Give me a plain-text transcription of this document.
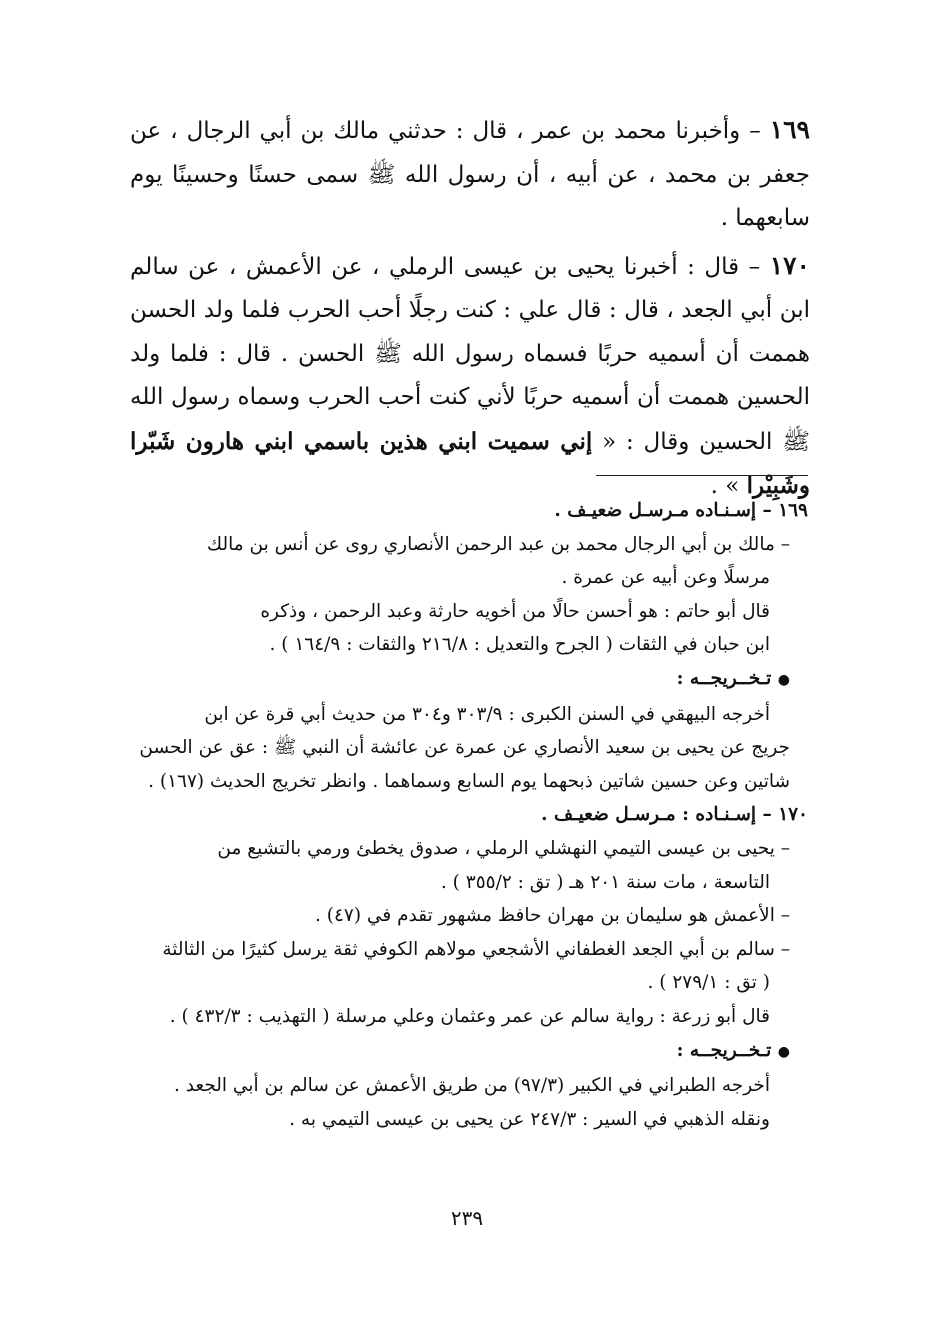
١٦٩ – وأخبرنا محمد بن عمر ، قال : حدثني مالك بن أبي الرجال ، عن جعفر بن محمد ، عن أبيه ، أن رسول الله ﷺ سمى حسنًا وحسينًا يوم سابعهما .

١٧٠ – قال : أخبرنا يحيى بن عيسى الرملي ، عن الأعمش ، عن سالم ابن أبي الجعد ، قال : قال علي : كنت رجلًا أحب الحرب فلما ولد الحسن هممت أن أسميه حربًا فسماه رسول الله ﷺ الحسن . قال : فلما ولد الحسين هممت أن أسميه حربًا لأني كنت أحب الحرب وسماه رسول الله ﷺ الحسين وقال : « إني سميت ابني هذين باسمي ابني هارون شَبّرا وشَبِيْرا » .

١٦٩ – إسـنـاده مـرسـل ضعيـف .

– مالك بن أبي الرجال محمد بن عبد الرحمن الأنصاري روى عن أنس بن مالك

مرسلًا وعن أبيه عن عمرة .

قال أبو حاتم : هو أحسن حالًا من أخويه حارثة وعبد الرحمن ، وذكره

ابن حبان في الثقات ( الجرح والتعديل : ٢١٦/٨ والثقات : ١٦٤/٩ ) .

● تـخــريجــه :

أخرجه البيهقي في السنن الكبرى : ٣٠٣/٩ و٣٠٤ من حديث أبي قرة عن ابن

جريج عن يحيى بن سعيد الأنصاري عن عمرة عن عائشة أن النبي ﷺ : عق عن الحسن

شاتين وعن حسين شاتين ذبحهما يوم السابع وسماهما . وانظر تخريج الحديث (١٦٧) .

١٧٠ – إسـنـاده : مـرسـل ضعيـف .

– يحيى بن عيسى التيمي النهشلي الرملي ، صدوق يخطئ ورمي بالتشيع من

التاسعة ، مات سنة ٢٠١ هـ ( تق : ٣٥٥/٢ ) .

– الأعمش هو سليمان بن مهران حافظ مشهور تقدم في (٤٧) .

– سالم بن أبي الجعد الغطفاني الأشجعي مولاهم الكوفي ثقة يرسل كثيرًا من الثالثة

( تق : ٢٧٩/١ ) .

قال أبو زرعة : رواية سالم عن عمر وعثمان وعلي مرسلة ( التهذيب : ٤٣٢/٣ ) .

● تـخــريجــه :

أخرجه الطبراني في الكبير (٩٧/٣) من طريق الأعمش عن سالم بن أبي الجعد .

ونقله الذهبي في السير : ٢٤٧/٣ عن يحيى بن عيسى التيمي به .

٢٣٩
